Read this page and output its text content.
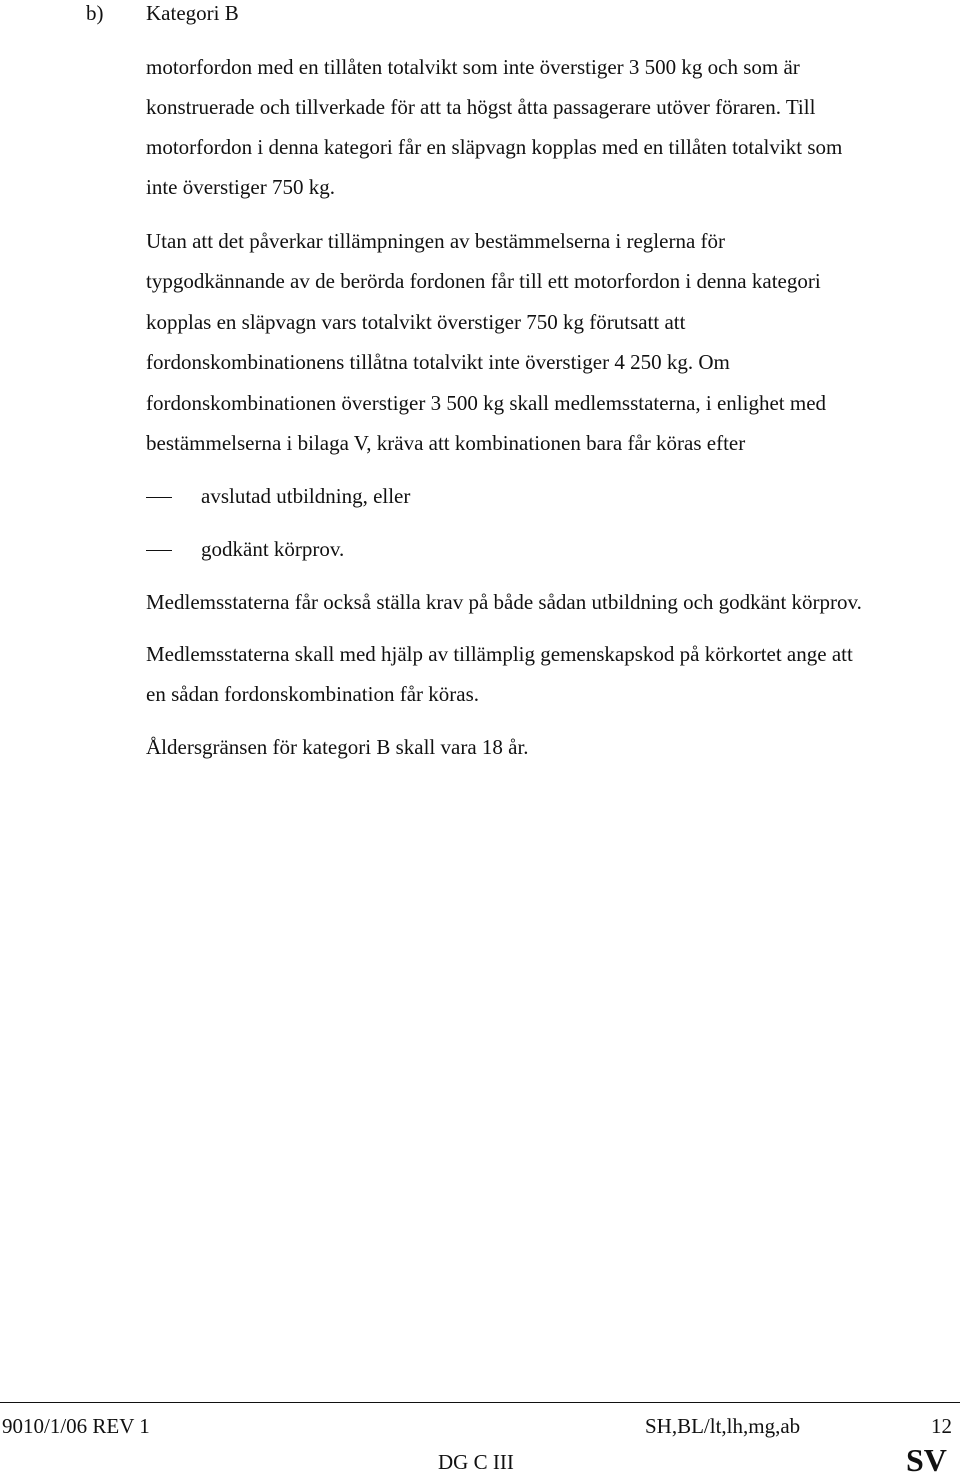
b) Kategori B
motorfordon med en tillåten totalvikt som inte överstiger 3 500 kg och som är
konstruerade och tillverkade för att ta högst åtta passagerare utöver föraren. Till
motorfordon i denna kategori får en släpvagn kopplas med en tillåten totalvikt som
inte överstiger 750 kg.
Utan att det påverkar tillämpningen av bestämmelserna i reglerna för
typgodkännande av de berörda fordonen får till ett motorfordon i denna kategori
kopplas en släpvagn vars totalvikt överstiger 750 kg förutsatt att
fordonskombinationens tillåtna totalvikt inte överstiger 4 250 kg. Om
fordonskombinationen överstiger 3 500 kg skall medlemsstaterna, i enlighet med
bestämmelserna i bilaga V, kräva att kombinationen bara får köras efter
avslutad utbildning, eller
godkänt körprov.
Medlemsstaterna får också ställa krav på både sådan utbildning och godkänt körprov.
Medlemsstaterna skall med hjälp av tillämplig gemenskapskod på körkortet ange att
en sådan fordonskombination får köras.
Åldersgränsen för kategori B skall vara 18 år.
9010/1/06 REV 1	SH,BL/lt,lh,mg,ab	12
DG C III	SV
